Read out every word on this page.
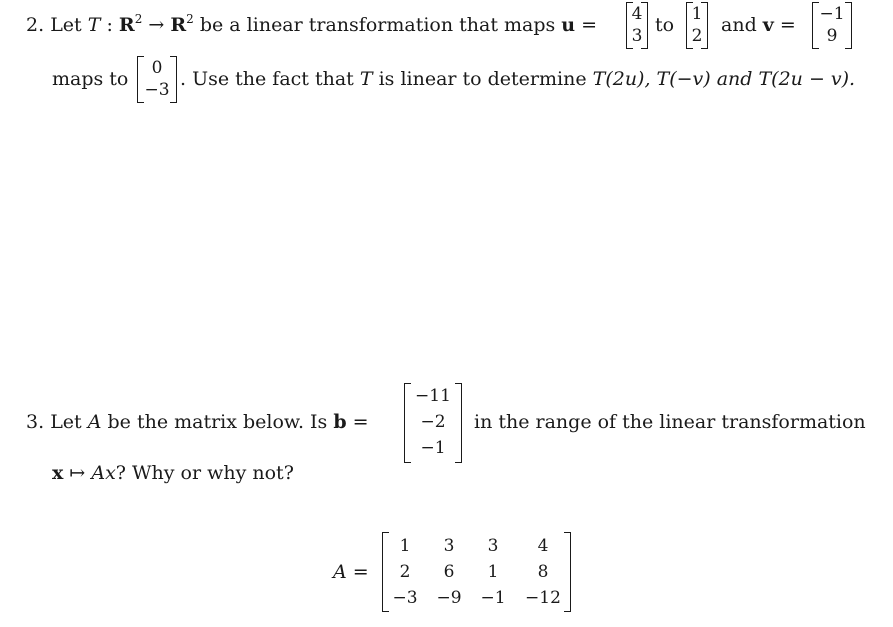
2. Let T : $R^2 \to R^2$ be a linear transformation that maps u =	4
3 to	1
2 and v =	−1
9
maps to	0
−3 . Use the fact that T is linear to determine T(2u), T(−v) and T(2u − v).
3. Let A be the matrix below. Is b =
−11
−2
−1
in the range of the linear transformation
x ↦ Ax? Why or why not?
A =
1	3	3	4
2	6	1	8
−3 −9 −1 −12
